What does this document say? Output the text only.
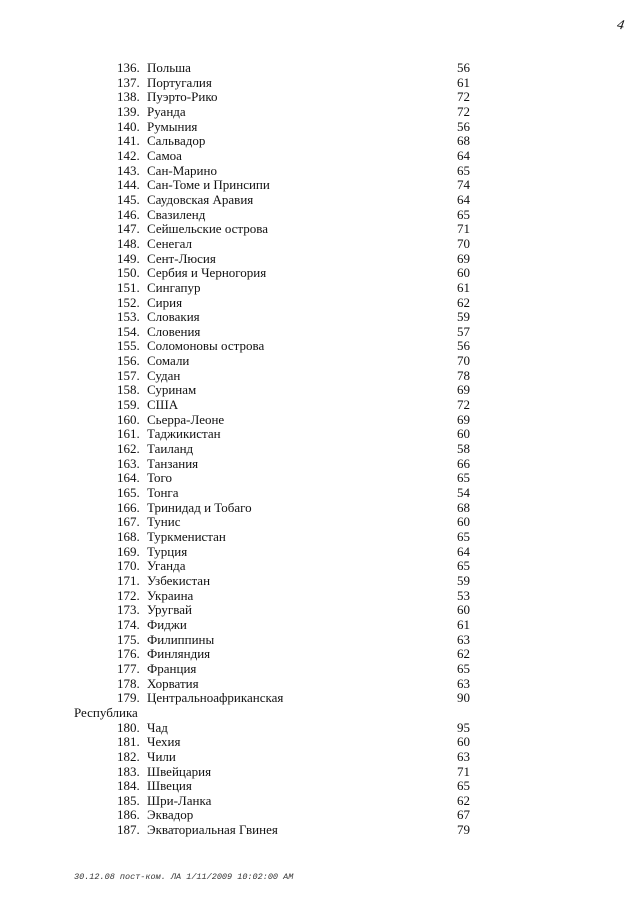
4
136. Польша	56
137. Португалия	61
138. Пуэрто-Рико	72
139. Руанда	72
140. Румыния	56
141. Сальвадор	68
142. Самоа	64
143. Сан-Марино	65
144. Сан-Томе и Принсипи	74
145. Саудовская Аравия	64
146. Свазиленд	65
147. Сейшельские острова	71
148. Сенегал	70
149. Сент-Люсия	69
150. Сербия и Черногория	60
151. Сингапур	61
152. Сирия	62
153. Словакия	59
154. Словения	57
155. Соломоновы острова	56
156. Сомали	70
157. Судан	78
158. Суринам	69
159. США	72
160. Сьерра-Леоне	69
161. Таджикистан	60
162. Таиланд	58
163. Танзания	66
164. Того	65
165. Тонга	54
166. Тринидад и Тобаго	68
167. Тунис	60
168. Туркменистан	65
169. Турция	64
170. Уганда	65
171. Узбекистан	59
172. Украина	53
173. Уругвай	60
174. Фиджи	61
175. Филиппины	63
176. Финляндия	62
177. Франция	65
178. Хорватия	63
179. Центральноафриканская	90
Республика
180. Чад	95
181. Чехия	60
182. Чили	63
183. Швейцария	71
184. Швеция	65
185. Шри-Ланка	62
186. Эквадор	67
187. Экваториальная Гвинея	79
30.12.08 пост-ком. ЛА 1/11/2009 10:02:00 AM
